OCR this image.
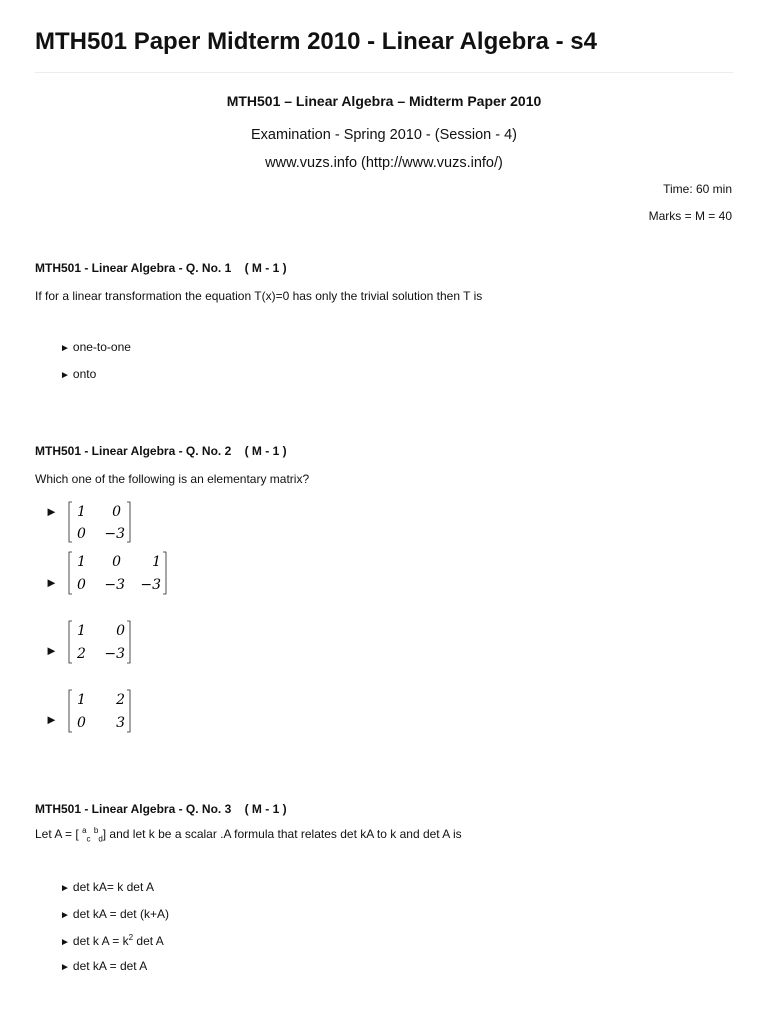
MTH501 Paper Midterm 2010 - Linear Algebra - s4
MTH501 – Linear Algebra – Midterm Paper 2010
Examination - Spring 2010 - (Session - 4)
www.vuzs.info (http://www.vuzs.info/)
Time: 60 min
Marks = M = 40
MTH501 - Linear Algebra - Q. No. 1    ( M - 1 )
If for a linear transformation the equation T(x)=0 has only the trivial solution then T is
► one-to-one
► onto
MTH501 - Linear Algebra - Q. No. 2    ( M - 1 )
Which one of the following is an elementary matrix?
► 1 0
0 −3
►
1 0 1
0 −3 −3
►
1 0
2 −3
►
1 2
0 3
MTH501 - Linear Algebra - Q. No. 3    ( M - 1 )
Let A = [ $^a_c$ $^b_d$] and let k be a scalar .A formula that relates det kA to k and det A is
► det kA= k det A
► det kA = det (k+A)
► det k $A = k^2$ det A
► det kA = det A
